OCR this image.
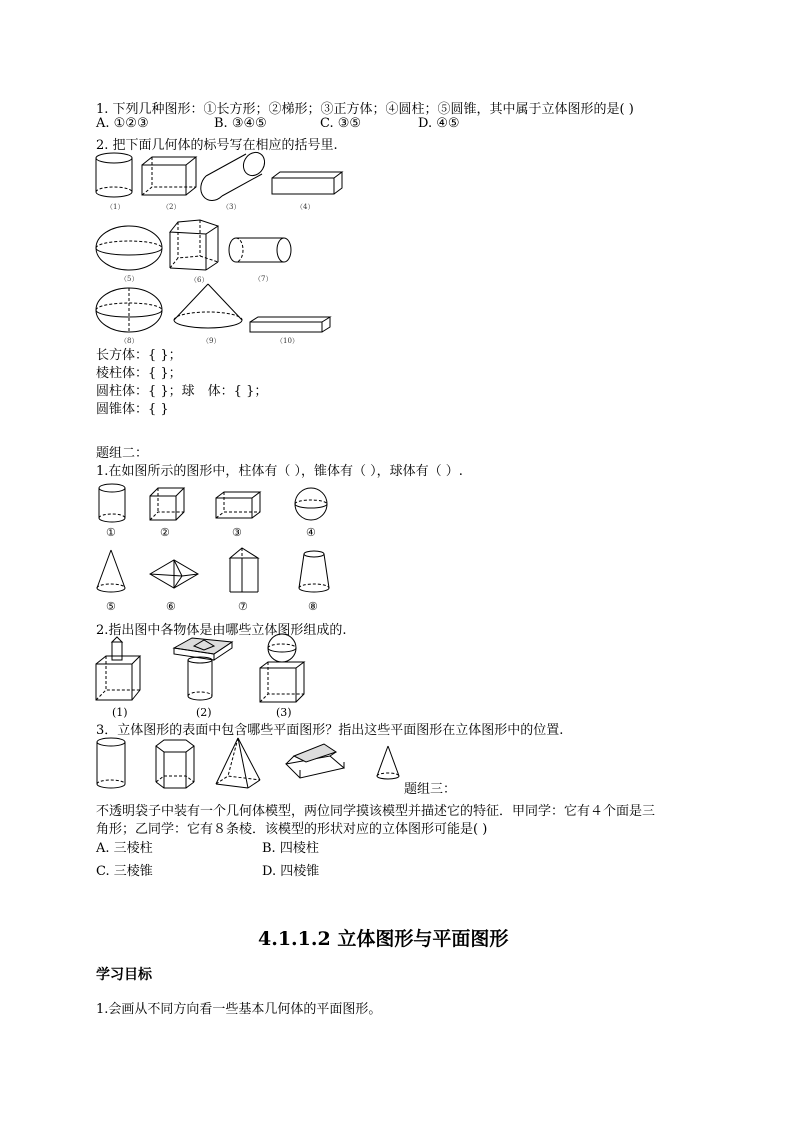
1. 下列几种图形：①长方形；②梯形；③正方体；④圆柱；⑤圆锥，其中属于立体图形的是( )
A. ①②③	B. ③④⑤	C. ③⑤	D. ④⑤
2. 把下面几何体的标号写在相应的括号里.
（1）	（2）	（3）	（4）
（5）	（6）	（7）
（8）	（9）	（10）
长方体：{ }；
棱柱体：{ }；
圆柱体：{ }；球　体：{ }；
圆锥体：{ }
题组二：
1.在如图所示的图形中，柱体有（ ），锥体有（ ），球体有（ ）.
①	②	③	④
⑤	⑥	⑦	⑧
2.指出图中各物体是由哪些立体图形组成的.
(1)	(2)	(3)
3．立体图形的表面中包含哪些平面图形？指出这些平面图形在立体图形中的位置.
题组三：
不透明袋子中装有一个几何体模型，两位同学摸该模型并描述它的特征．甲同学：它有４个面是三
角形；乙同学：它有８条棱．该模型的形状对应的立体图形可能是( )
A. 三棱柱	B. 四棱柱
C. 三棱锥	D. 四棱锥
4.1.1.2 立体图形与平面图形
学习目标
1.会画从不同方向看一些基本几何体的平面图形。
